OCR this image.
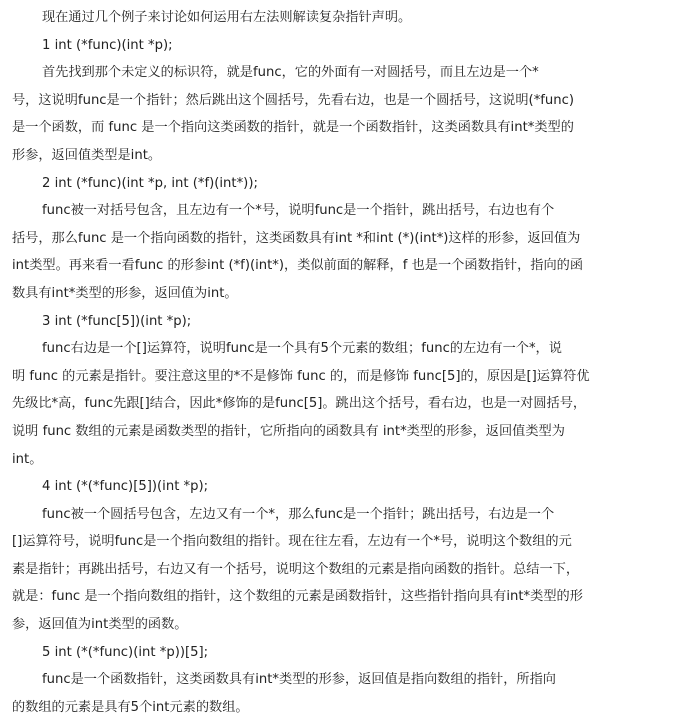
现在通过几个例子来讨论如何运用右左法则解读复杂指针声明。
1 int (*func)(int *p);
首先找到那个未定义的标识符，就是func，它的外面有一对圆括号，而且左边是一个*
号，这说明func是一个指针；然后跳出这个圆括号，先看右边，也是一个圆括号，这说明(*func)
是一个函数，而 func 是一个指向这类函数的指针，就是一个函数指针，这类函数具有int*类型的
形参，返回值类型是int。
2 int (*func)(int *p, int (*f)(int*));
func被一对括号包含，且左边有一个*号，说明func是一个指针，跳出括号，右边也有个
括号，那么func 是一个指向函数的指针，这类函数具有int *和int (*)(int*)这样的形参，返回值为
int类型。再来看一看func 的形参int (*f)(int*)，类似前面的解释，f 也是一个函数指针，指向的函
数具有int*类型的形参，返回值为int。
3 int (*func[5])(int *p);
func右边是一个[]运算符，说明func是一个具有5个元素的数组；func的左边有一个*，说
明 func 的元素是指针。要注意这里的*不是修饰 func 的，而是修饰 func[5]的，原因是[]运算符优
先级比*高，func先跟[]结合，因此*修饰的是func[5]。跳出这个括号，看右边，也是一对圆括号，
说明 func 数组的元素是函数类型的指针，它所指向的函数具有 int*类型的形参，返回值类型为
int。
4 int (*(*func)[5])(int *p);
func被一个圆括号包含，左边又有一个*，那么func是一个指针；跳出括号，右边是一个
[]运算符号，说明func是一个指向数组的指针。现在往左看，左边有一个*号，说明这个数组的元
素是指针；再跳出括号，右边又有一个括号，说明这个数组的元素是指向函数的指针。总结一下，
就是：func 是一个指向数组的指针，这个数组的元素是函数指针，这些指针指向具有int*类型的形
参，返回值为int类型的函数。
5 int (*(*func)(int *p))[5];
func是一个函数指针，这类函数具有int*类型的形参，返回值是指向数组的指针，所指向
的数组的元素是具有5个int元素的数组。
